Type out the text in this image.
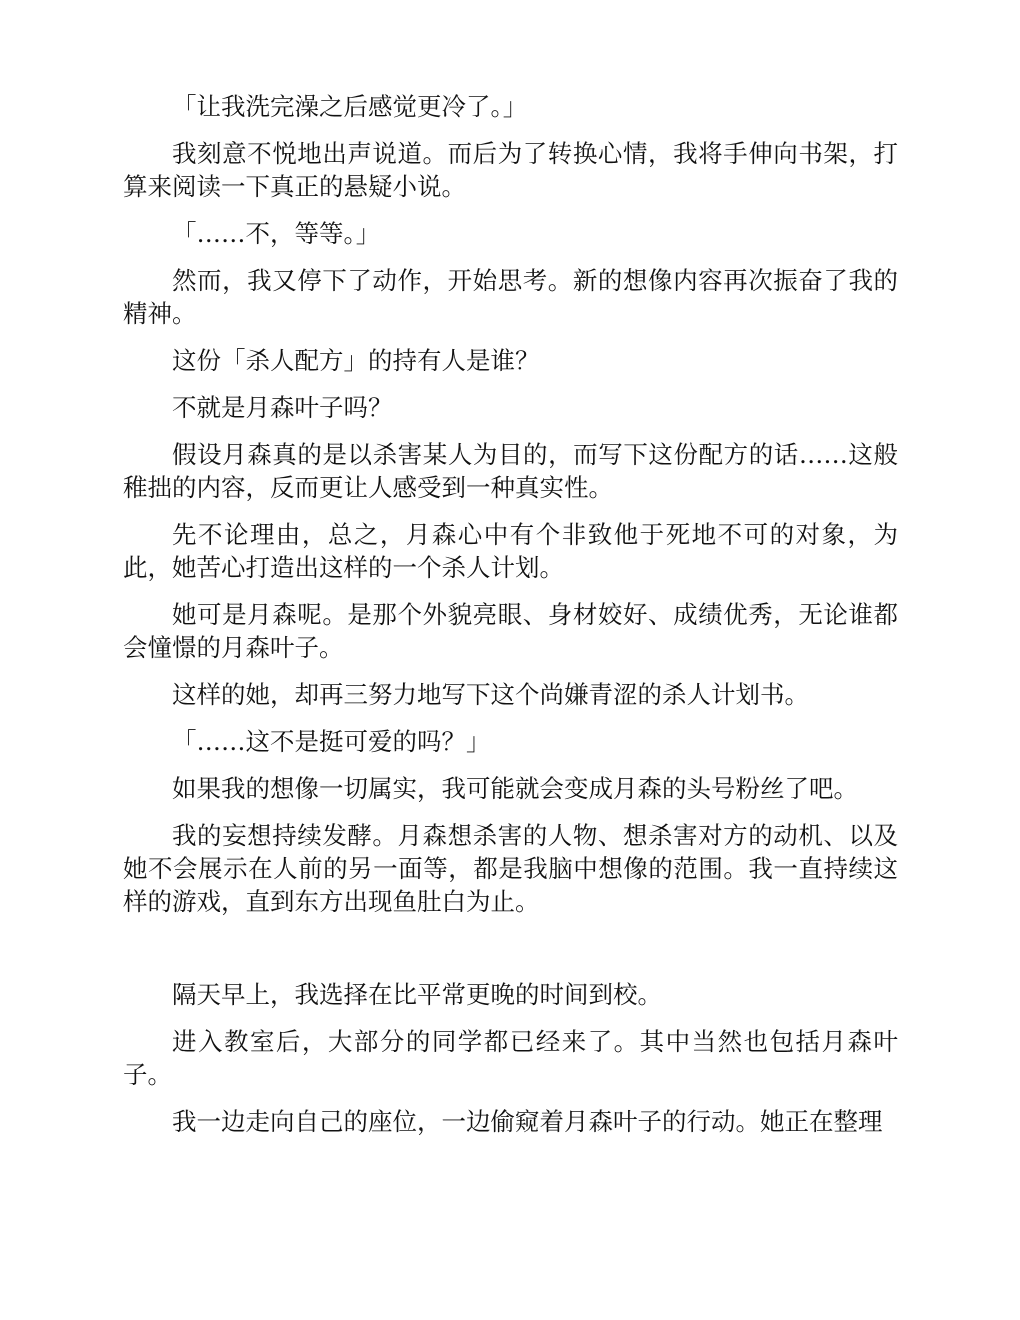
「让我洗完澡之后感觉更冷了。」

我刻意不悦地出声说道。而后为了转换心情，我将手伸向书架，打算来阅读一下真正的悬疑小说。

「……不，等等。」

然而，我又停下了动作，开始思考。新的想像内容再次振奋了我的精神。

这份「杀人配方」的持有人是谁？

不就是月森叶子吗？

假设月森真的是以杀害某人为目的，而写下这份配方的话……这般稚拙的内容，反而更让人感受到一种真实性。

先不论理由，总之，月森心中有个非致他于死地不可的对象，为此，她苦心打造出这样的一个杀人计划。

她可是月森呢。是那个外貌亮眼、身材姣好、成绩优秀，无论谁都会憧憬的月森叶子。

这样的她，却再三努力地写下这个尚嫌青涩的杀人计划书。

「……这不是挺可爱的吗？」

如果我的想像一切属实，我可能就会变成月森的头号粉丝了吧。

我的妄想持续发酵。月森想杀害的人物、想杀害对方的动机、以及她不会展示在人前的另一面等，都是我脑中想像的范围。我一直持续这样的游戏，直到东方出现鱼肚白为止。

隔天早上，我选择在比平常更晚的时间到校。

进入教室后，大部分的同学都已经来了。其中当然也包括月森叶子。

我一边走向自己的座位，一边偷窥着月森叶子的行动。她正在整理
